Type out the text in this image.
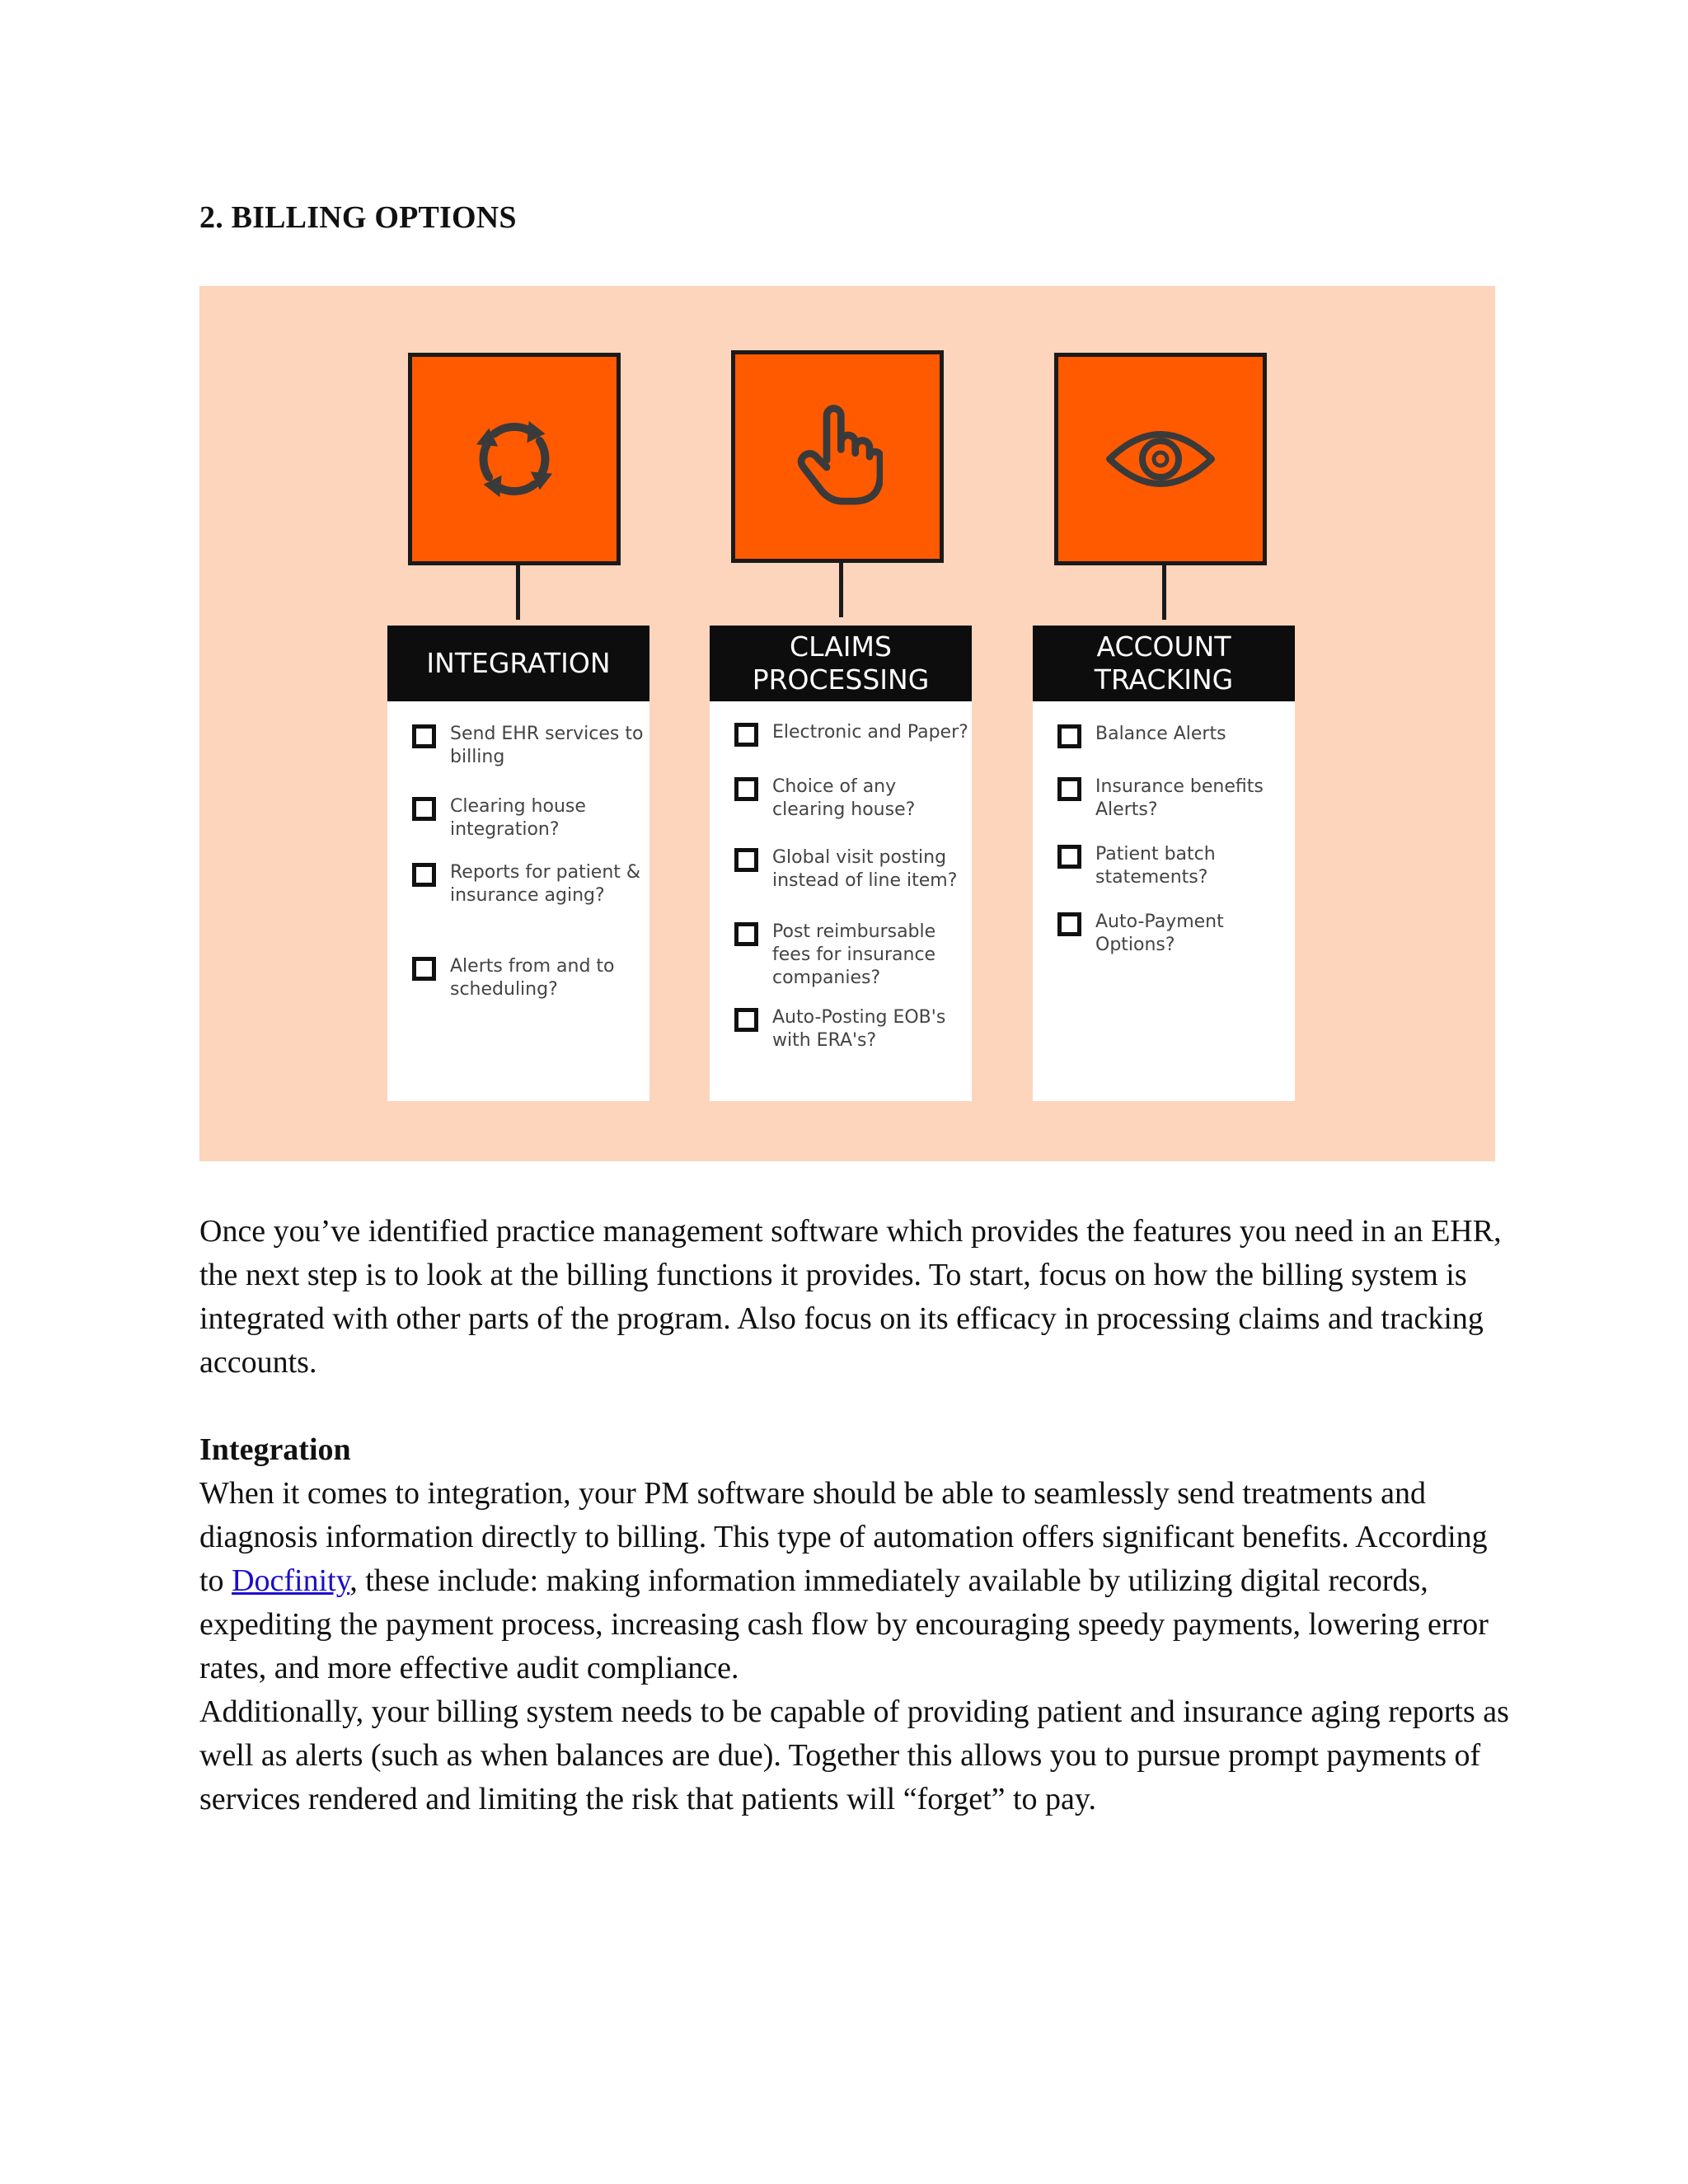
2. BILLING OPTIONS
INTEGRATION
Send EHR services to billing
Clearing house integration?
Reports for patient & insurance aging?
Alerts from and to scheduling?
CLAIMS
PROCESSING
Electronic and Paper?
Choice of any clearing house?
Global visit posting instead of line item?
Post reimbursable fees for insurance companies?
Auto-Posting EOB's with ERA's?
ACCOUNT
TRACKING
Balance Alerts
Insurance benefits Alerts?
Patient batch statements?
Auto-Payment Options?

Once you’ve identified practice management software which provides the features you need in an EHR, the next step is to look at the billing functions it provides. To start, focus on how the billing system is integrated with other parts of the program. Also focus on its efficacy in processing claims and tracking accounts.

Integration

When it comes to integration, your PM software should be able to seamlessly send treatments and diagnosis information directly to billing. This type of automation offers significant benefits. According to Docfinity, these include: making information immediately available by utilizing digital records, expediting the payment process, increasing cash flow by encouraging speedy payments, lowering error rates, and more effective audit compliance.

Additionally, your billing system needs to be capable of providing patient and insurance aging reports as well as alerts (such as when balances are due). Together this allows you to pursue prompt payments of services rendered and limiting the risk that patients will “forget” to pay.
